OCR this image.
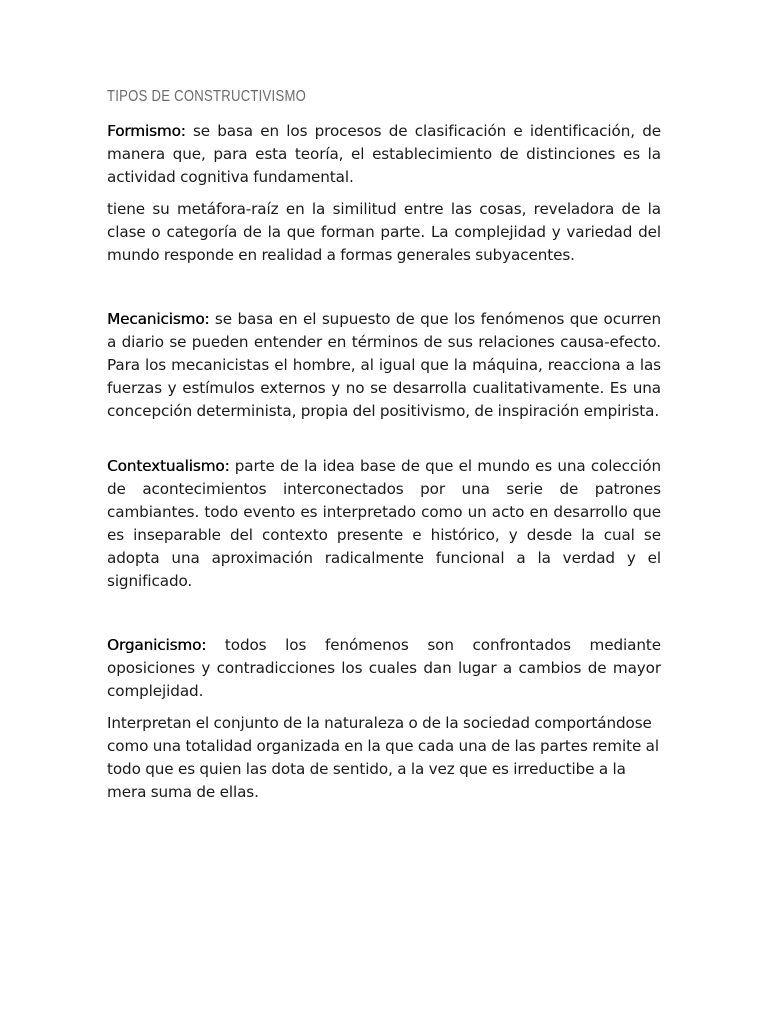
TIPOS DE CONSTRUCTIVISMO

Formismo: se basa en los procesos de clasificación e identificación, de manera que, para esta teoría, el establecimiento de distinciones es la actividad cognitiva fundamental.

tiene su metáfora-raíz en la similitud entre las cosas, reveladora de la clase o categoría de la que forman parte. La complejidad y variedad del mundo responde en realidad a formas generales subyacentes.

Mecanicismo: se basa en el supuesto de que los fenómenos que ocurren a diario se pueden entender en términos de sus relaciones causa-efecto. Para los mecanicistas el hombre, al igual que la máquina, reacciona a las fuerzas y estímulos externos y no se desarrolla cualitativamente. Es una concepción determinista, propia del positivismo, de inspiración empirista.

Contextualismo: parte de la idea base de que el mundo es una colección de acontecimientos interconectados por una serie de patrones cambiantes. todo evento es interpretado como un acto en desarrollo que es inseparable del contexto presente e histórico, y desde la cual se adopta una aproximación radicalmente funcional a la verdad y el significado.

Organicismo: todos los fenómenos son confrontados mediante oposiciones y contradicciones los cuales dan lugar a cambios de mayor complejidad.

Interpretan el conjunto de la naturaleza o de la sociedad comportándose como una totalidad organizada en la que cada una de las partes remite al todo que es quien las dota de sentido, a la vez que es irreductibe a la mera suma de ellas.
